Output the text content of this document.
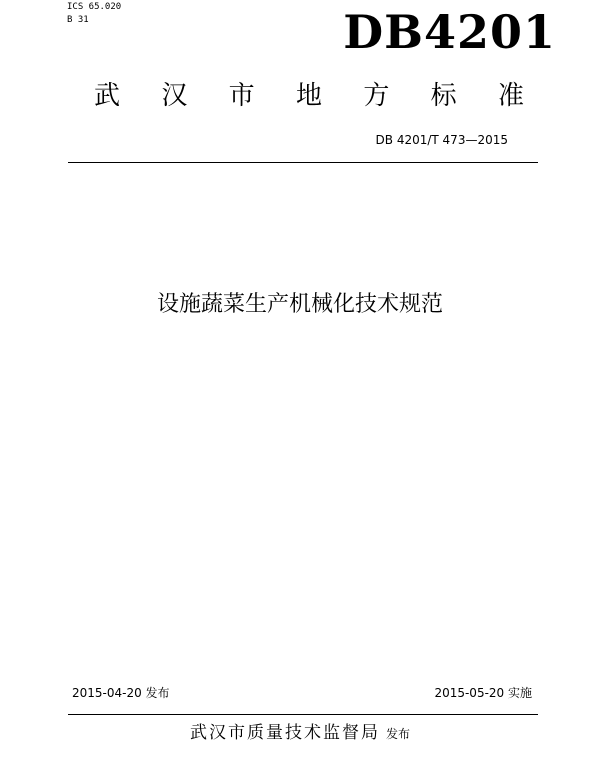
ICS 65.020
B 31	DB4201
武 汉 市 地 方 标 准
DB 4201/T 473—2015
设施蔬菜生产机械化技术规范
2015-04-20 发布	2015-05-20 实施
武汉市质量技术监督局 发布
